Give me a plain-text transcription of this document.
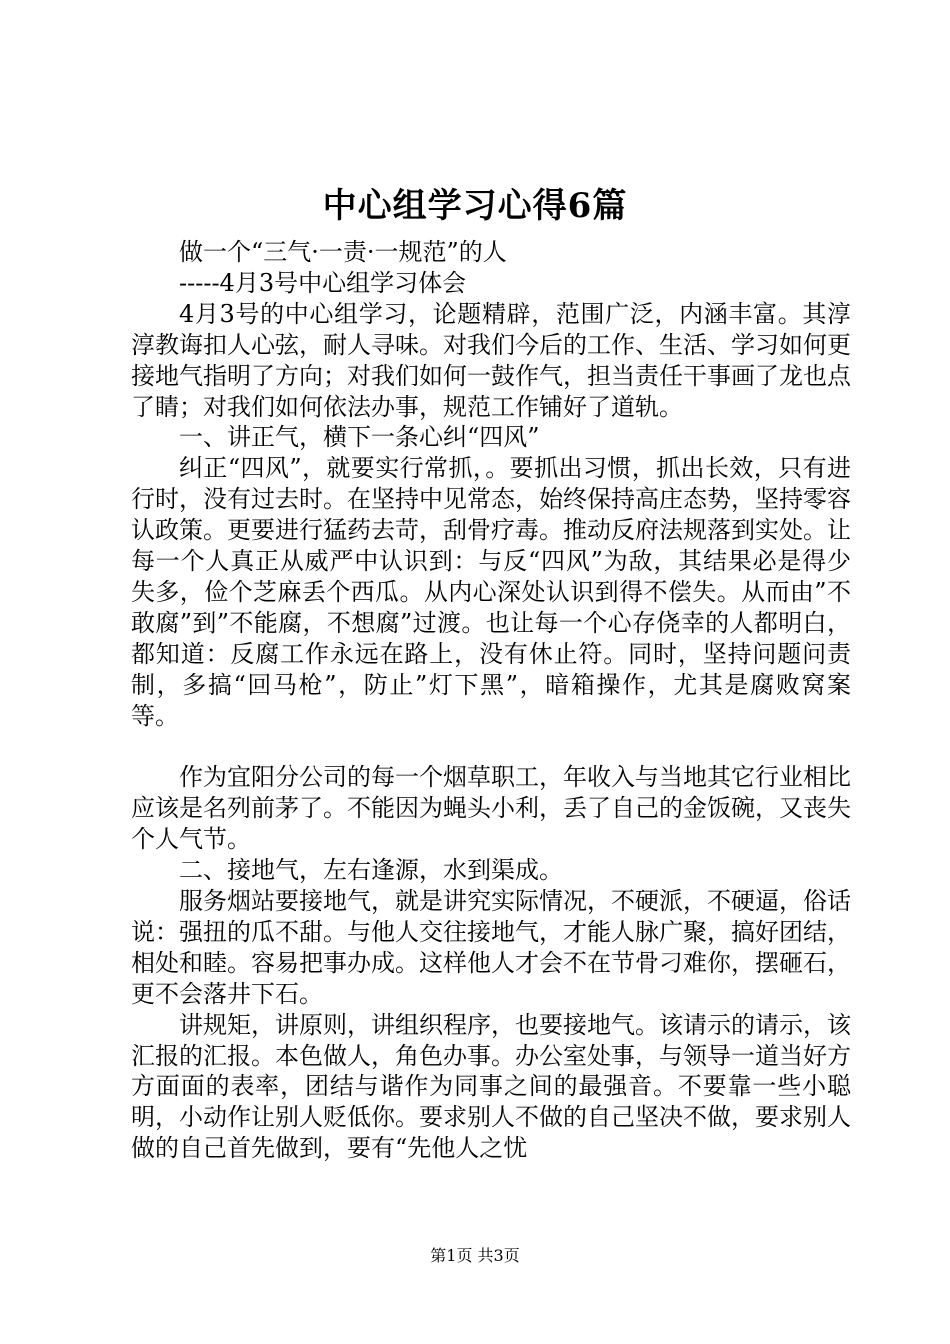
中心组学习心得6篇

做一个“三气·一责·一规范”的人

-----4月3号中心组学习体会

4月3号的中心组学习，论题精辟，范围广泛，内涵丰富。其淳淳教诲扣人心弦，耐人寻味。对我们今后的工作、生活、学习如何更接地气指明了方向；对我们如何一鼓作气，担当责任干事画了龙也点了睛；对我们如何依法办事，规范工作铺好了道轨。

一、讲正气，横下一条心纠“四风”

纠正“四风”，就要实行常抓，。要抓出习惯，抓出长效，只有进行时，没有过去时。在坚持中见常态，始终保持高庄态势，坚持零容认政策。更要进行猛药去苛，刮骨疗毒。推动反府法规落到实处。让每一个人真正从威严中认识到：与反“四风”为敌，其结果必是得少失多，俭个芝麻丢个西瓜。从内心深处认识到得不偿失。从而由”不敢腐”到”不能腐，不想腐”过渡。也让每一个心存侥幸的人都明白，都知道：反腐工作永远在路上，没有休止符。同时，坚持问题问责制，多搞“回马枪”，防止”灯下黑”，暗箱操作，尤其是腐败窝案等。

作为宜阳分公司的每一个烟草职工，年收入与当地其它行业相比应该是名列前茅了。不能因为蝇头小利，丢了自己的金饭碗，又丧失个人气节。

二、接地气，左右逢源，水到渠成。

服务烟站要接地气，就是讲究实际情况，不硬派，不硬逼，俗话说：强扭的瓜不甜。与他人交往接地气，才能人脉广聚，搞好团结，相处和睦。容易把事办成。这样他人才会不在节骨刁难你，摆砸石，更不会落井下石。

讲规矩，讲原则，讲组织程序，也要接地气。该请示的请示，该汇报的汇报。本色做人，角色办事。办公室处事，与领导一道当好方方面面的表率，团结与谐作为同事之间的最强音。不要靠一些小聪明，小动作让别人贬低你。要求别人不做的自己坚决不做，要求别人做的自己首先做到，要有“先他人之忧

第1页 共3页
